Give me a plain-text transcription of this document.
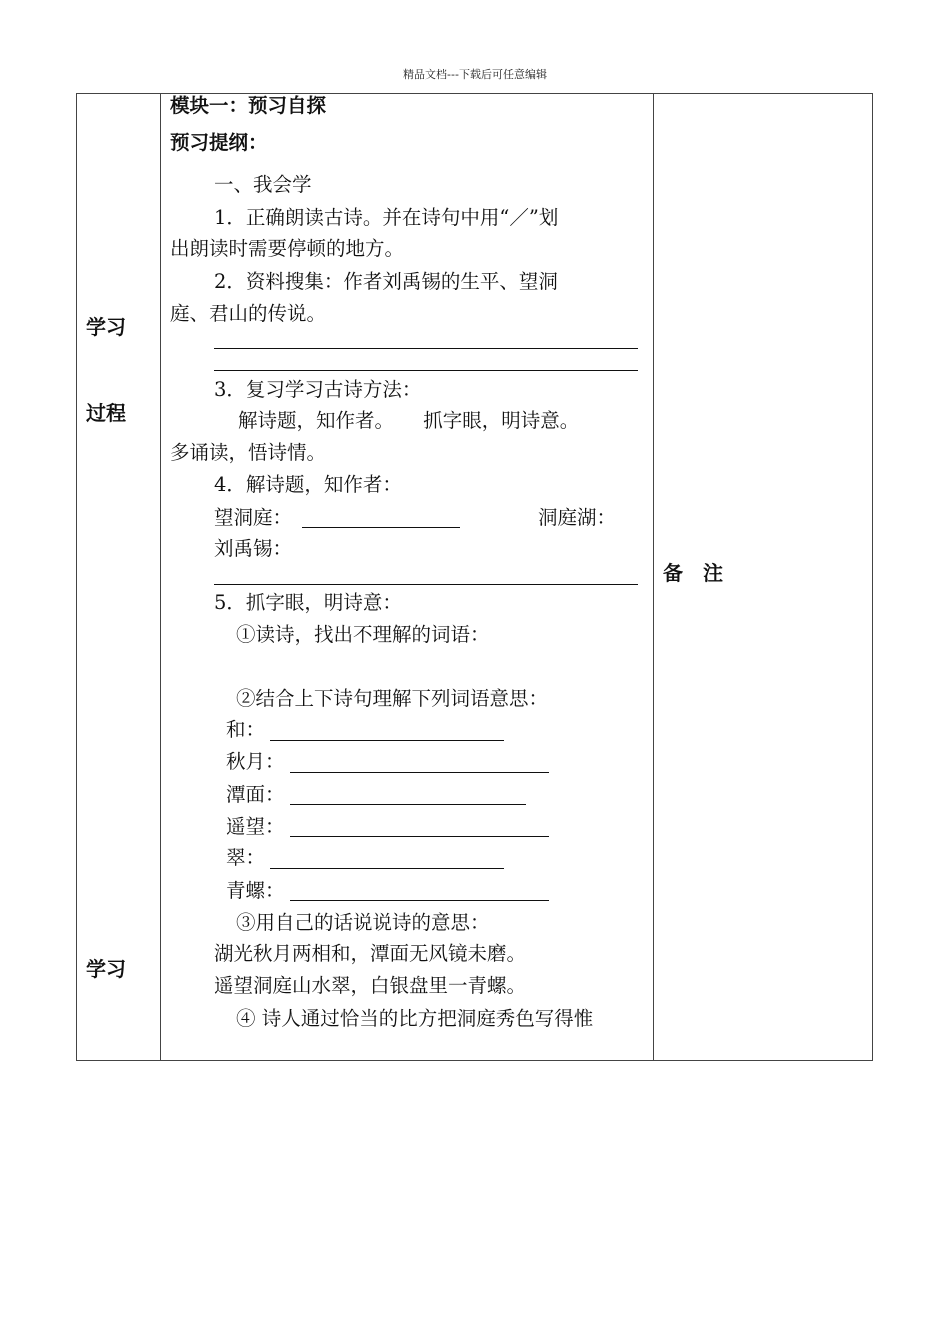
精品文档---下载后可任意编辑
学习
过程
学习
备　注
模块一：预习自探
预习提纲：
一、我会学
1．正确朗读古诗。并在诗句中用“／”划
出朗读时需要停顿的地方。
2．资料搜集：作者刘禹锡的生平、望洞
庭、君山的传说。
3．复习学习古诗方法：
解诗题，知作者。　　抓字眼，明诗意。
多诵读，悟诗情。
4．解诗题，知作者：
望洞庭：	洞庭湖：
刘禹锡：
5．抓字眼，明诗意：
①读诗，找出不理解的词语：
②结合上下诗句理解下列词语意思：
和：
秋月：
潭面：
遥望：
翠：
青螺：
③用自己的话说说诗的意思：
湖光秋月两相和，潭面无风镜未磨。
遥望洞庭山水翠，白银盘里一青螺。
④ 诗人通过恰当的比方把洞庭秀色写得惟
